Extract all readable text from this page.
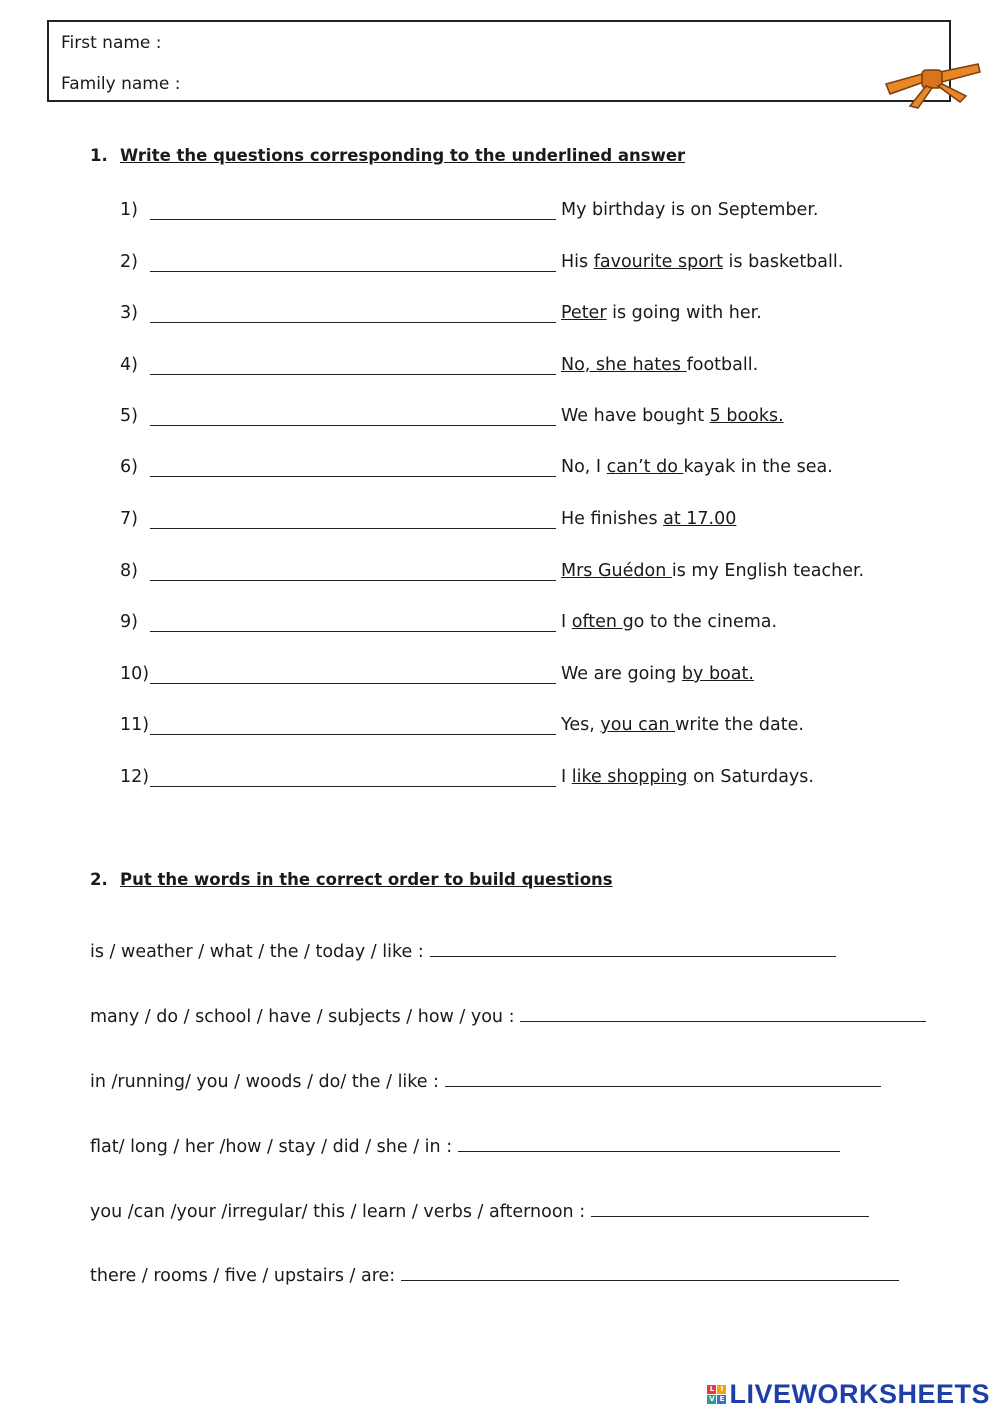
First name :
Family name :
1. Write the questions corresponding to the underlined answer
1)	My birthday is on September.
2)	His favourite sport is basketball.
3)	Peter is going with her.
4)	No, she hates football.
5)	We have bought 5 books.
6)	No, I can’t do kayak in the sea.
7)	He finishes at 17.00
8)	Mrs Guédon is my English teacher.
9)	I often go to the cinema.
10)	We are going by boat.
11)	Yes, you can write the date.
12)	I like shopping on Saturdays.
2. Put the words in the correct order to build questions
is / weather / what / the / today / like :
many / do / school / have / subjects / how / you :
in /running/ you / woods / do/ the / like :
flat/ long / her /how / stay / did / she / in :
you /can /your /irregular/ this / learn / verbs / afternoon :
there / rooms / five / upstairs / are:
L I
V E LIVEWORKSHEETS
